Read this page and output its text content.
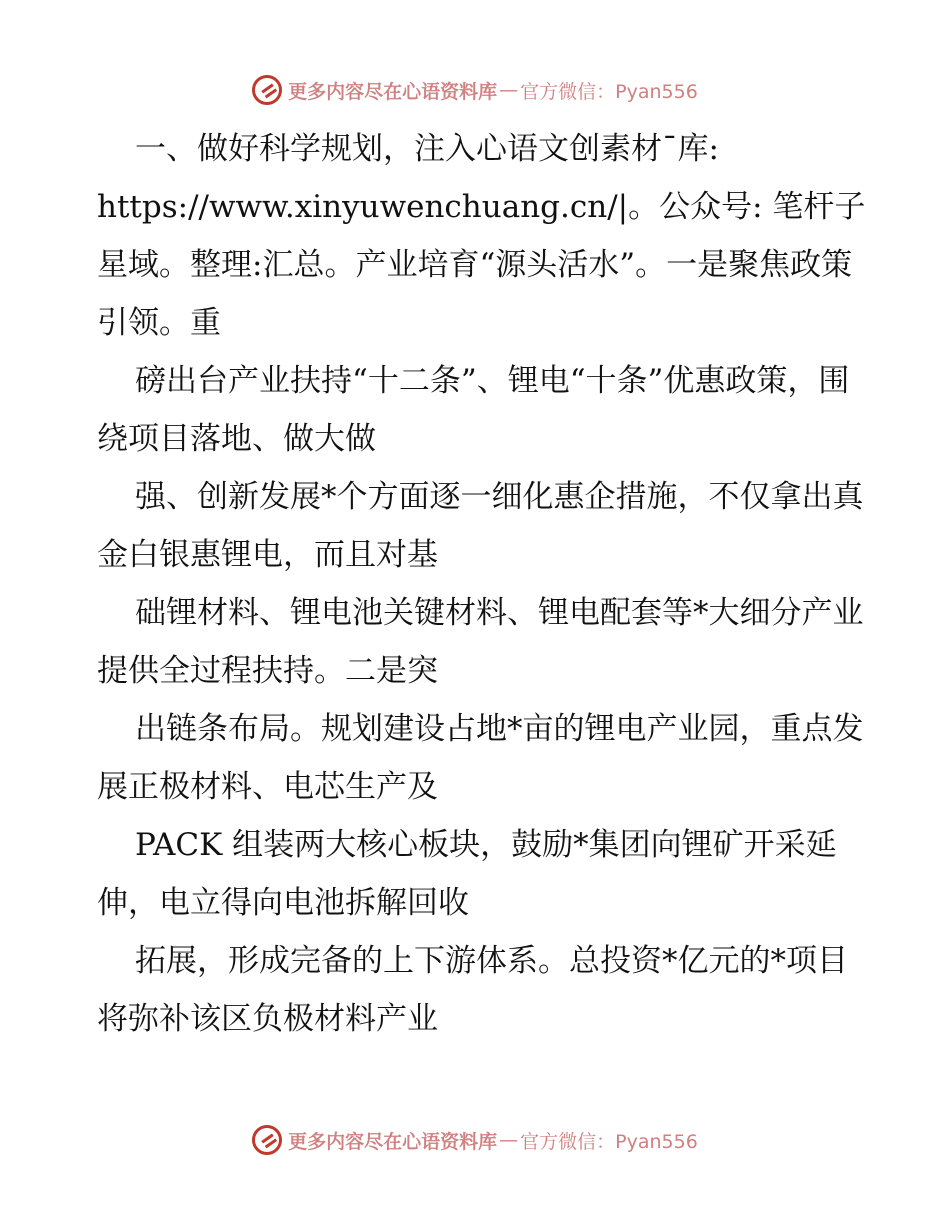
更多内容尽在心语资料库 — 官方微信：Pyan556

一、做好科学规划，注入心语文创素材¯库: https://www.xinyuwenchuang.cn/|。公众号: 笔杆子星域。整理:汇总。产业培育“源头活水”。一是聚焦政策引领。重

磅出台产业扶持“十二条”、锂电“十条”优惠政策，围绕项目落地、做大做

强、创新发展*个方面逐一细化惠企措施，不仅拿出真金白银惠锂电，而且对基

础锂材料、锂电池关键材料、锂电配套等*大细分产业提供全过程扶持。二是突

出链条布局。规划建设占地*亩的锂电产业园，重点发展正极材料、电芯生产及

PACK 组装两大核心板块，鼓励*集团向锂矿开采延伸，电立得向电池拆解回收

拓展，形成完备的上下游体系。总投资*亿元的*项目将弥补该区负极材料产业

更多内容尽在心语资料库 — 官方微信：Pyan556
